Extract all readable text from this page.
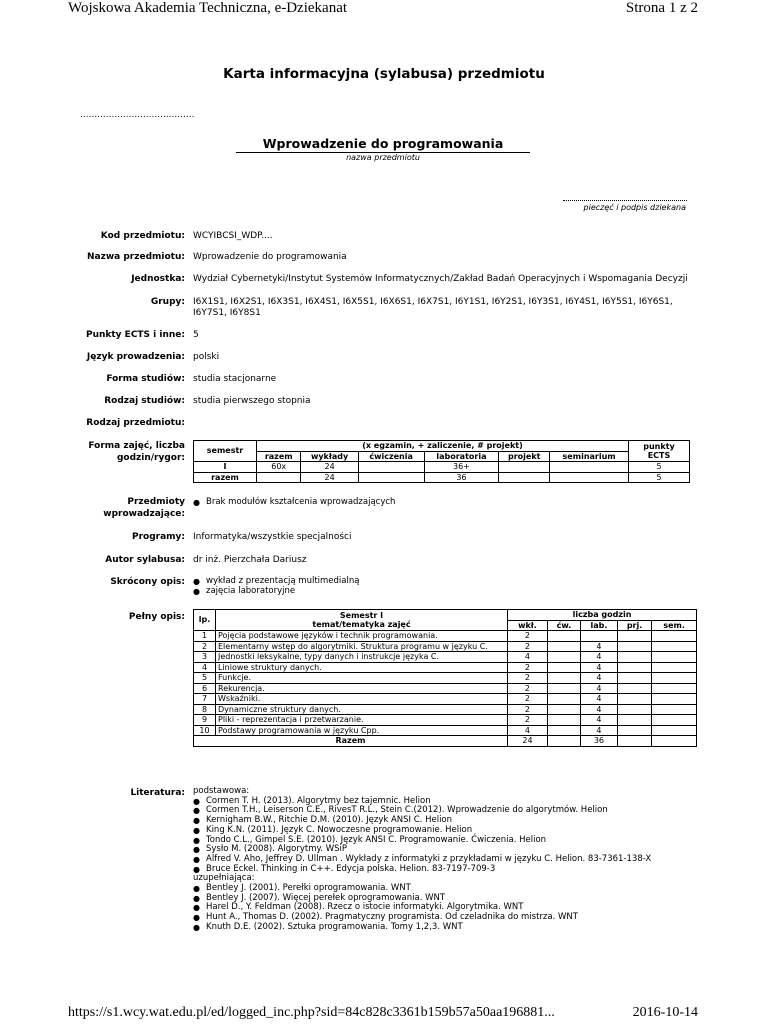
Wojskowa Akademia Techniczna, e-Dziekanat	Strona 1 z 2
Karta informacyjna (sylabusa) przedmiotu
........................................
Wprowadzenie do programowania
nazwa przedmiotu
pieczęć i podpis dziekana
Kod przedmiotu: WCYIBCSI_WDP....
Nazwa przedmiotu: Wprowadzenie do programowania
Jednostka: Wydział Cybernetyki/Instytut Systemów Informatycznych/Zakład Badań Operacyjnych i Wspomagania Decyzji
Grupy: I6X1S1, I6X2S1, I6X3S1, I6X4S1, I6X5S1, I6X6S1, I6X7S1, I6Y1S1, I6Y2S1, I6Y3S1, I6Y4S1, I6Y5S1, I6Y6S1, I6Y7S1, I6Y8S1
Punkty ECTS i inne: 5
Język prowadzenia: polski
Forma studiów: studia stacjonarne
Rodzaj studiów: studia pierwszego stopnia
Rodzaj przedmiotu:
Forma zajęć, liczba
godzin/rygor:
semestr	(x egzamin, + zaliczenie, # projekt)						punkty ECTS
	razem	wykłady	ćwiczenia	laboratoria	projekt	seminarium	
I	60x	24		36+			5
razem		24		36			5
Przedmioty
wprowadzające:
● Brak modułów kształcenia wprowadzających
Programy: Informatyka/wszystkie specjalności
Autor sylabusa: dr inż. Pierzchała Dariusz
Skrócony opis:	● wykład z prezentacją multimedialną
● zajęcia laboratoryjne
Pełny opis: lp.	Semestr I
temat/tematyka zajęć	liczba godzin				
		wkł.	ćw.	lab.	prj.	sem.
1	Pojęcia podstawowe języków i technik programowania.	2				
2	Elementarny wstęp do algorytmiki. Struktura programu w języku C.	2		4		
3	Jednostki leksykalne, typy danych i instrukcje języka C.	4		4		
4	Liniowe struktury danych.	2		4		
5	Funkcje.	2		4		
6	Rekurencja.	2		4		
7	Wskaźniki.	2		4		
8	Dynamiczne struktury danych.	2		4		
9	Pliki - reprezentacja i przetwarzanie.	2		4		
10	Podstawy programowania w języku Cpp.	4		4		
Razem		24		36		
Literatura: podstawowa:
● Cormen T. H. (2013). Algorytmy bez tajemnic. Helion
● Cormen T.H., Leiserson C.E., RivesT R.L., Stein C.(2012). Wprowadzenie do algorytmów. Helion
● Kernigham B.W., Ritchie D.M. (2010). Język ANSI C. Helion
● King K.N. (2011). Język C. Nowoczesne programowanie. Helion
● Tondo C.L., Gimpel S.E. (2010). Język ANSI C. Programowanie. Ćwiczenia. Helion
● Sysło M. (2008). Algorytmy. WSiP
● Alfred V. Aho, Jeffrey D. Ullman . Wykłady z informatyki z przykładami w języku C. Helion. 83-7361-138-X
● Bruce Eckel. Thinking in C++. Edycja polska. Helion. 83-7197-709-3
uzupełniająca:
● Bentley J. (2001). Perełki oprogramowania. WNT
● Bentley J. (2007). Więcej perełek oprogramowania. WNT
● Harel D., Y. Feldman (2008). Rzecz o istocie informatyki. Algorytmika. WNT
● Hunt A., Thomas D. (2002). Pragmatyczny programista. Od czeladnika do mistrza. WNT
● Knuth D.E. (2002). Sztuka programowania. Tomy 1,2,3. WNT
https://s1.wcy.wat.edu.pl/ed/logged_inc.php?sid=84c828c3361b159b57a50aa196881...	2016-10-14
